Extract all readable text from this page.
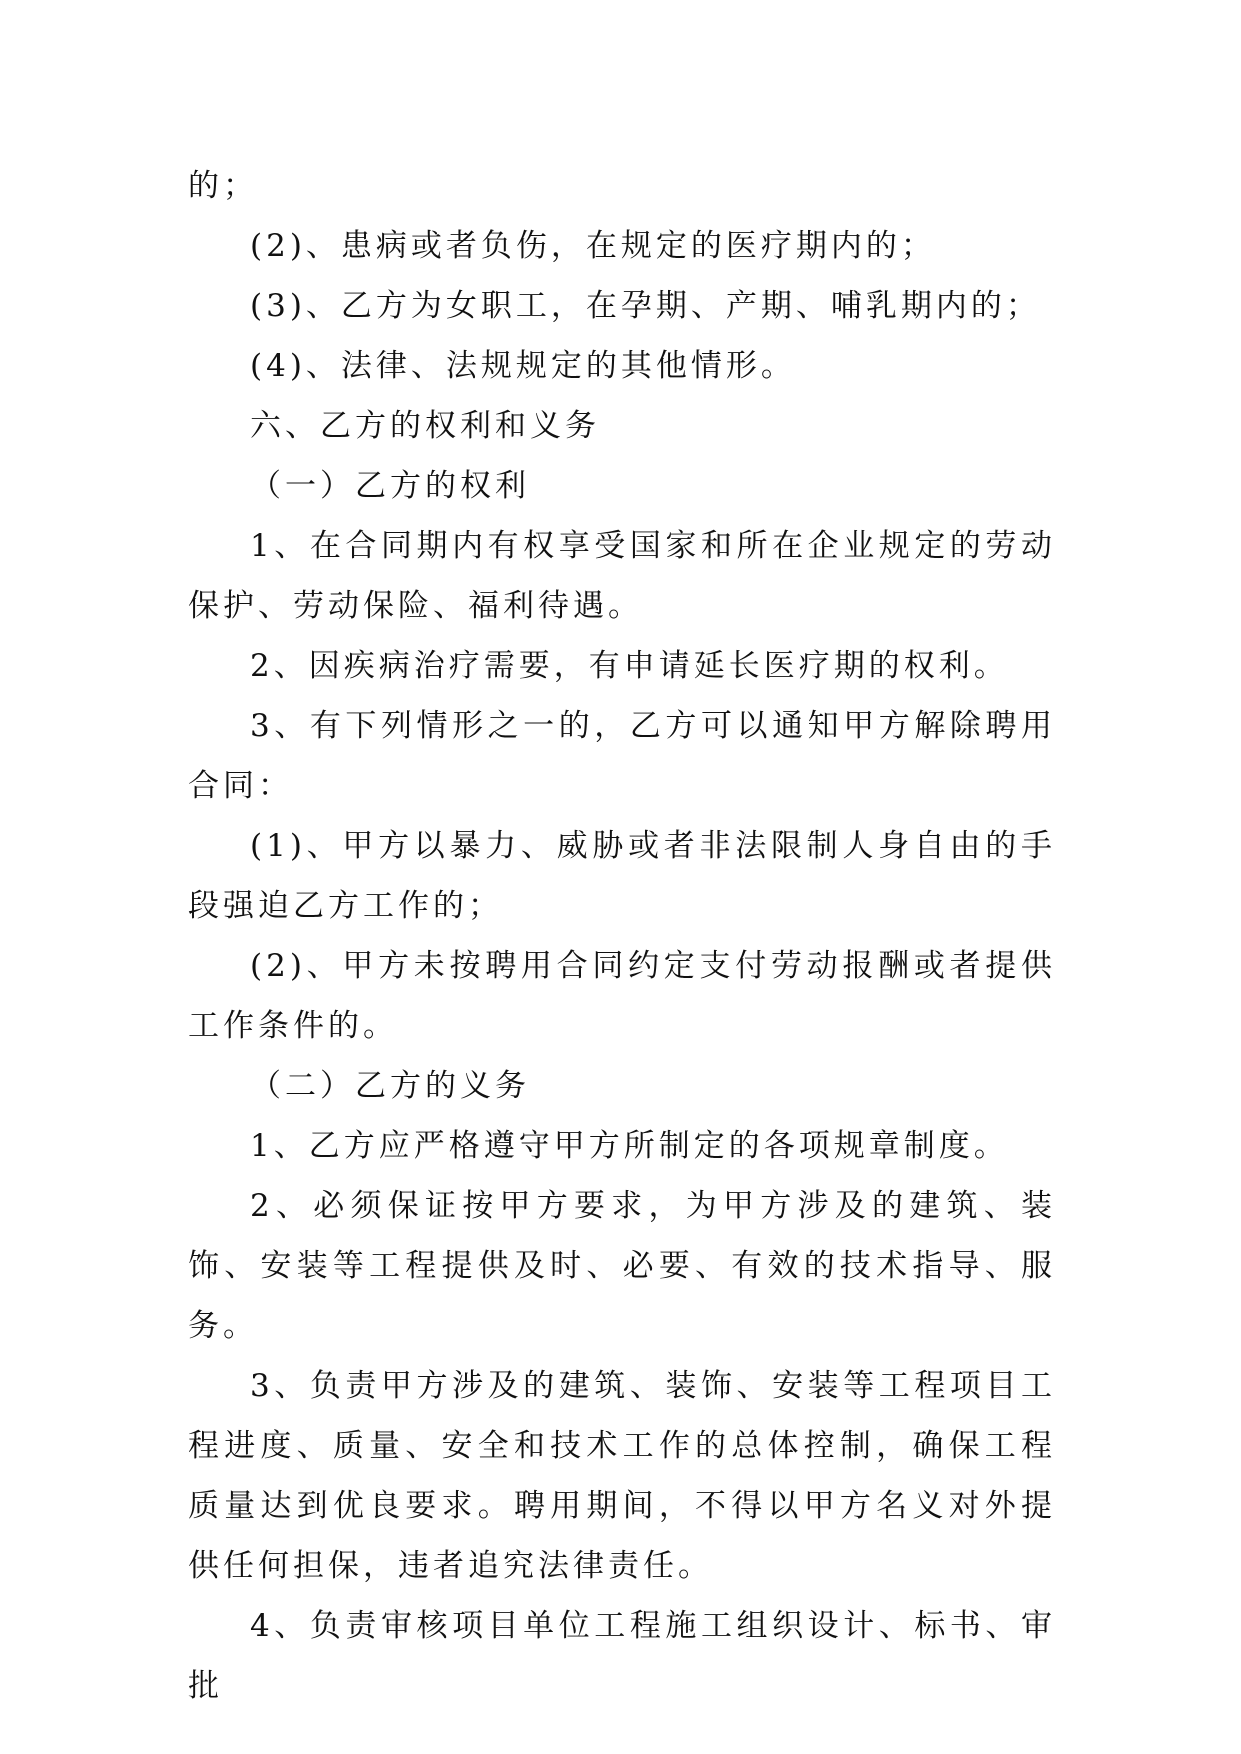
的；

(2)、患病或者负伤，在规定的医疗期内的；

(3)、乙方为女职工，在孕期、产期、哺乳期内的；

(4)、法律、法规规定的其他情形。

六、乙方的权利和义务

（一）乙方的权利

1、在合同期内有权享受国家和所在企业规定的劳动保护、劳动保险、福利待遇。

2、因疾病治疗需要，有申请延长医疗期的权利。

3、有下列情形之一的，乙方可以通知甲方解除聘用合同：

(1)、甲方以暴力、威胁或者非法限制人身自由的手段强迫乙方工作的；

(2)、甲方未按聘用合同约定支付劳动报酬或者提供工作条件的。

（二）乙方的义务

1、乙方应严格遵守甲方所制定的各项规章制度。

2、必须保证按甲方要求，为甲方涉及的建筑、装饰、安装等工程提供及时、必要、有效的技术指导、服务。

3、负责甲方涉及的建筑、装饰、安装等工程项目工程进度、质量、安全和技术工作的总体控制，确保工程质量达到优良要求。聘用期间，不得以甲方名义对外提供任何担保，违者追究法律责任。

4、负责审核项目单位工程施工组织设计、标书、审批
